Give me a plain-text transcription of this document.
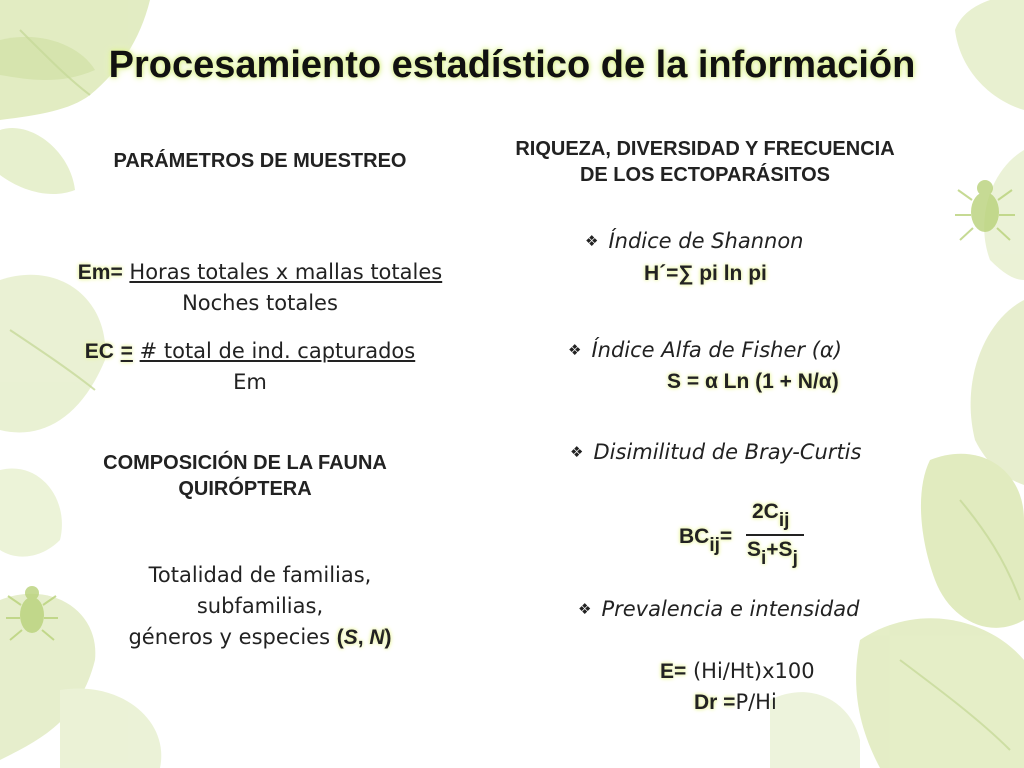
Procesamiento estadístico de la información
PARÁMETROS DE MUESTREO
Em= Horas totales x mallas totales
Noches totales
EC = # total de ind. capturados
Em
COMPOSICIÓN DE LA FAUNA
QUIRÓPTERA
Totalidad de familias,
subfamilias,
géneros y especies (S, N)
RIQUEZA, DIVERSIDAD Y FRECUENCIA
DE LOS ECTOPARÁSITOS
❖ Índice de Shannon
H´=∑ pi ln pi
❖ Índice Alfa de Fisher (α)
S = α Ln (1 + N/α)
❖ Disimilitud de Bray-Curtis
BCij=
2Cij
Si+Sj
❖ Prevalencia e intensidad
E= (Hi/Ht)x100
Dr =P/Hi
